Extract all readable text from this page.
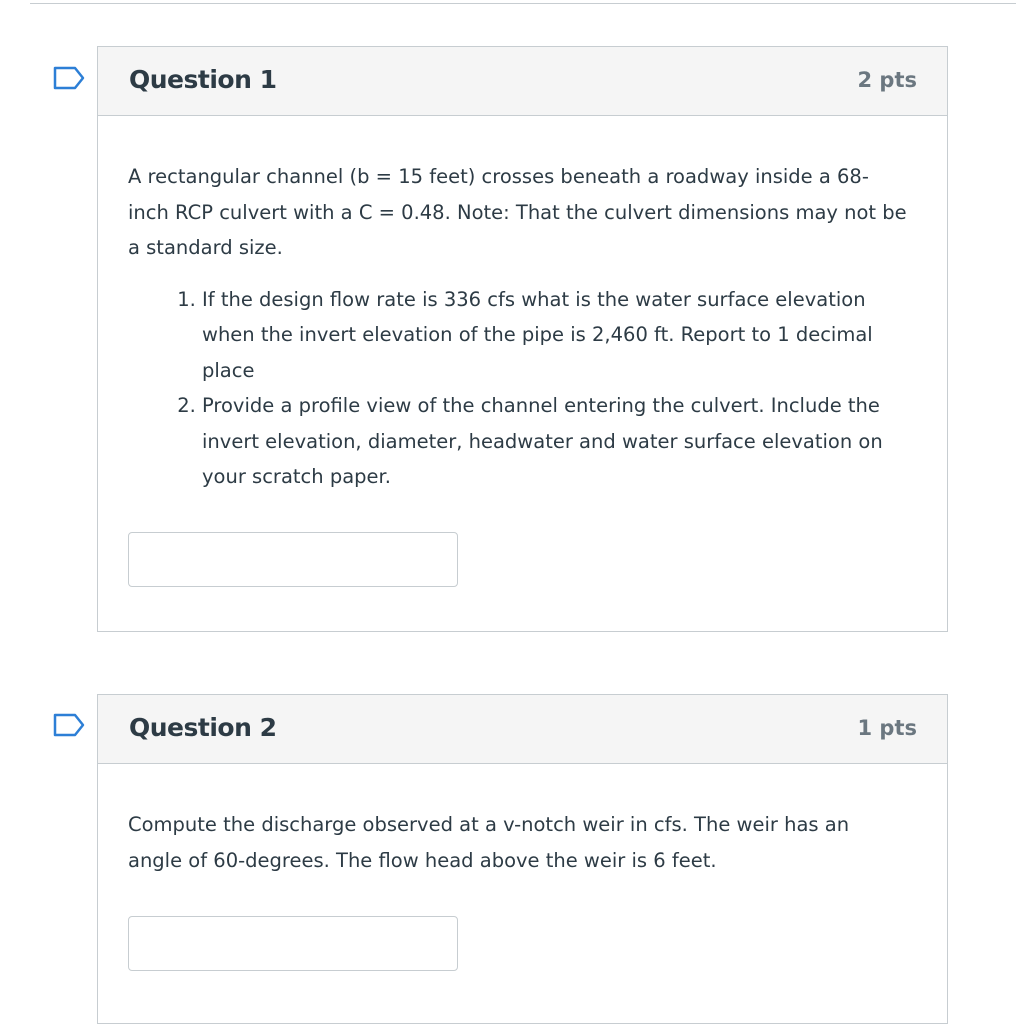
Question 1	2 pts

A rectangular channel (b = 15 feet) crosses beneath a roadway inside a 68-inch RCP culvert with a C = 0.48. Note: That the culvert dimensions may not be a standard size.

1. If the design flow rate is 336 cfs what is the water surface elevation when the invert elevation of the pipe is 2,460 ft. Report to 1 decimal place
2. Provide a profile view of the channel entering the culvert. Include the invert elevation, diameter, headwater and water surface elevation on your scratch paper.
Question 2	1 pts

Compute the discharge observed at a v-notch weir in cfs. The weir has an angle of 60-degrees. The flow head above the weir is 6 feet.
